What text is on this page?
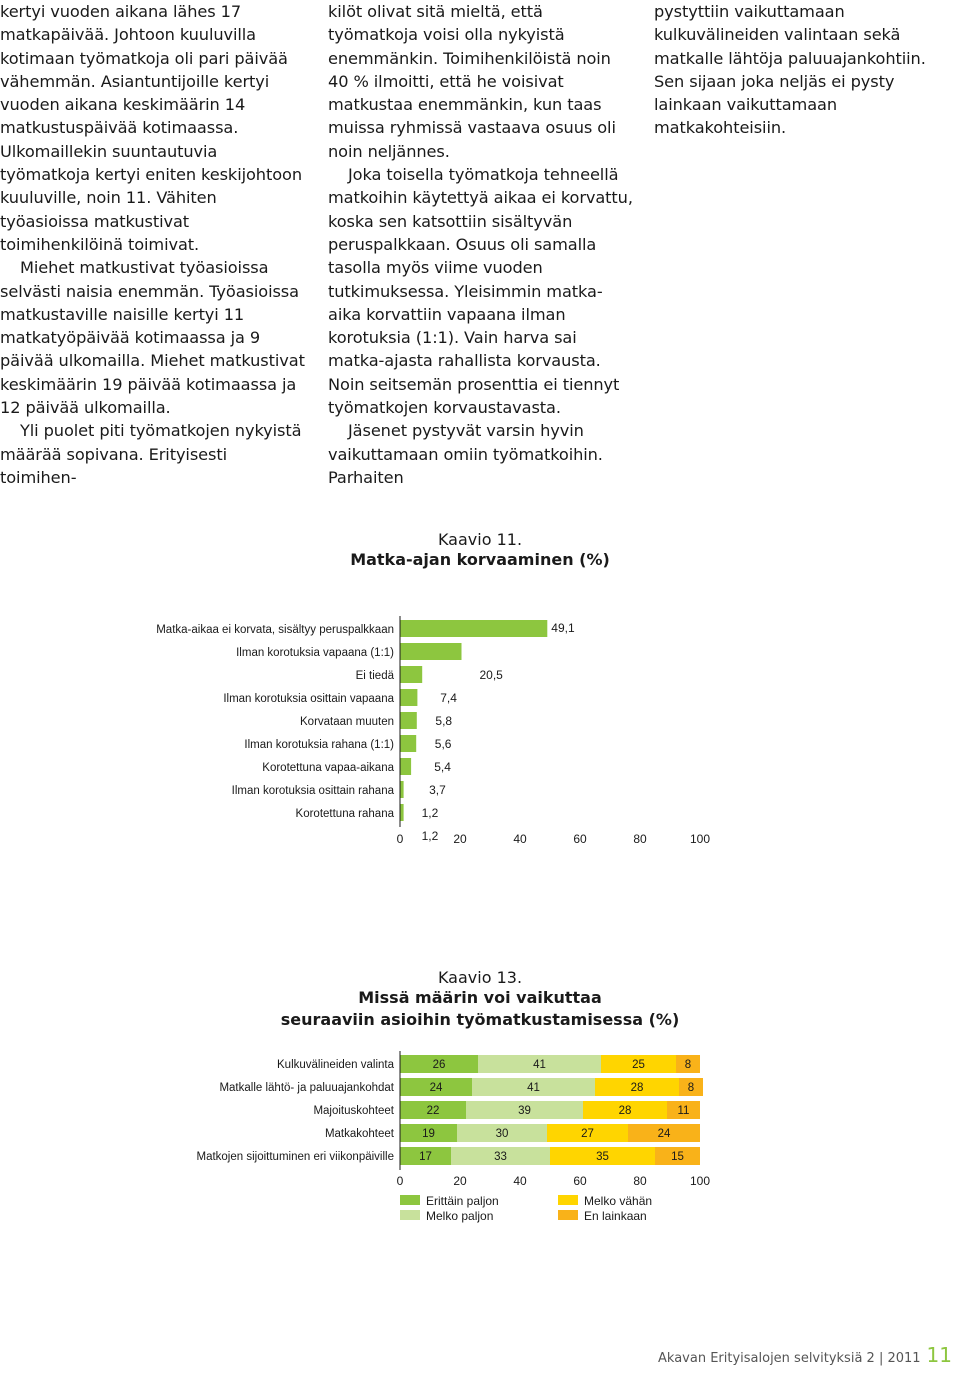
kertyi vuoden aikana lähes 17 matkapäivää. Johtoon kuuluvilla kotimaan työmatkoja oli pari päivää vähemmän. Asiantuntijoille kertyi vuoden aikana keskimäärin 14 matkustuspäivää kotimaassa. Ulkomaillekin suuntautuvia työmatkoja kertyi eniten keskijohtoon kuuluville, noin 11. Vähiten työasioissa matkustivat toimihenkilöinä toimivat.

Miehet matkustivat työasioissa selvästi naisia enemmän. Työasioissa matkustaville naisille kertyi 11 matkatyöpäivää kotimaassa ja 9 päivää ulkomailla. Miehet matkustivat keskimäärin 19 päivää kotimaassa ja 12 päivää ulkomailla.

Yli puolet piti työmatkojen nykyistä määrää sopivana. Erityisesti toimihen-

kilöt olivat sitä mieltä, että työmatkoja voisi olla nykyistä enemmänkin. Toimihenkilöistä noin 40 % ilmoitti, että he voisivat matkustaa enemmänkin, kun taas muissa ryhmissä vastaava osuus oli noin neljännes.

Joka toisella työmatkoja tehneellä matkoihin käytettyä aikaa ei korvattu, koska sen katsottiin sisältyvän peruspalkkaan. Osuus oli samalla tasolla myös viime vuoden tutkimuksessa. Yleisimmin matka-aika korvattiin vapaana ilman korotuksia (1:1). Vain harva sai matka-ajasta rahallista korvausta. Noin seitsemän prosenttia ei tiennyt työmatkojen korvaustavasta.

Jäsenet pystyvät varsin hyvin vaikuttamaan omiin työmatkoihin. Parhaiten

pystyttiin vaikuttamaan kulkuvälineiden valintaan sekä matkalle lähtöja paluuajankohtiin. Sen sijaan joka neljäs ei pysty lainkaan vaikuttamaan matkakohteisiin.

Kaavio 11.
Matka-ajan korvaaminen (%)
Kaavio 13.
Missä määrin voi vaikuttaa
seuraaviin asioihin työmatkustamisessa (%)
Matka-aikaa ei korvata, sisältyy peruspalkkaan	49,1
Ilman korotuksia vapaana (1:1)
20,5
Ei tiedä
7,4
Ilman korotuksia osittain vapaana
5,8
Korvataan muuten
5,6
Ilman korotuksia rahana (1:1)
5,4
Korotettuna vapaa-aikana
3,7
Ilman korotuksia osittain rahana
1,2
Korotettuna rahana
1,2
0	20	40	60	80	100
Kulkuvälineiden valinta	26	41	25	8
Matkalle lähtö- ja paluuajankohdat	24	41	28	8
Majoituskohteet	22	39	28	11
Matkakohteet 19	30	27	24
Matkojen sijoittuminen eri viikonpäiville 17	33	35	15
0	20	40	60	80	100
Erittäin paljon
Melko paljon
Melko vähän
En lainkaan
Akavan Erityisalojen selvityksiä 2 | 2011 11
